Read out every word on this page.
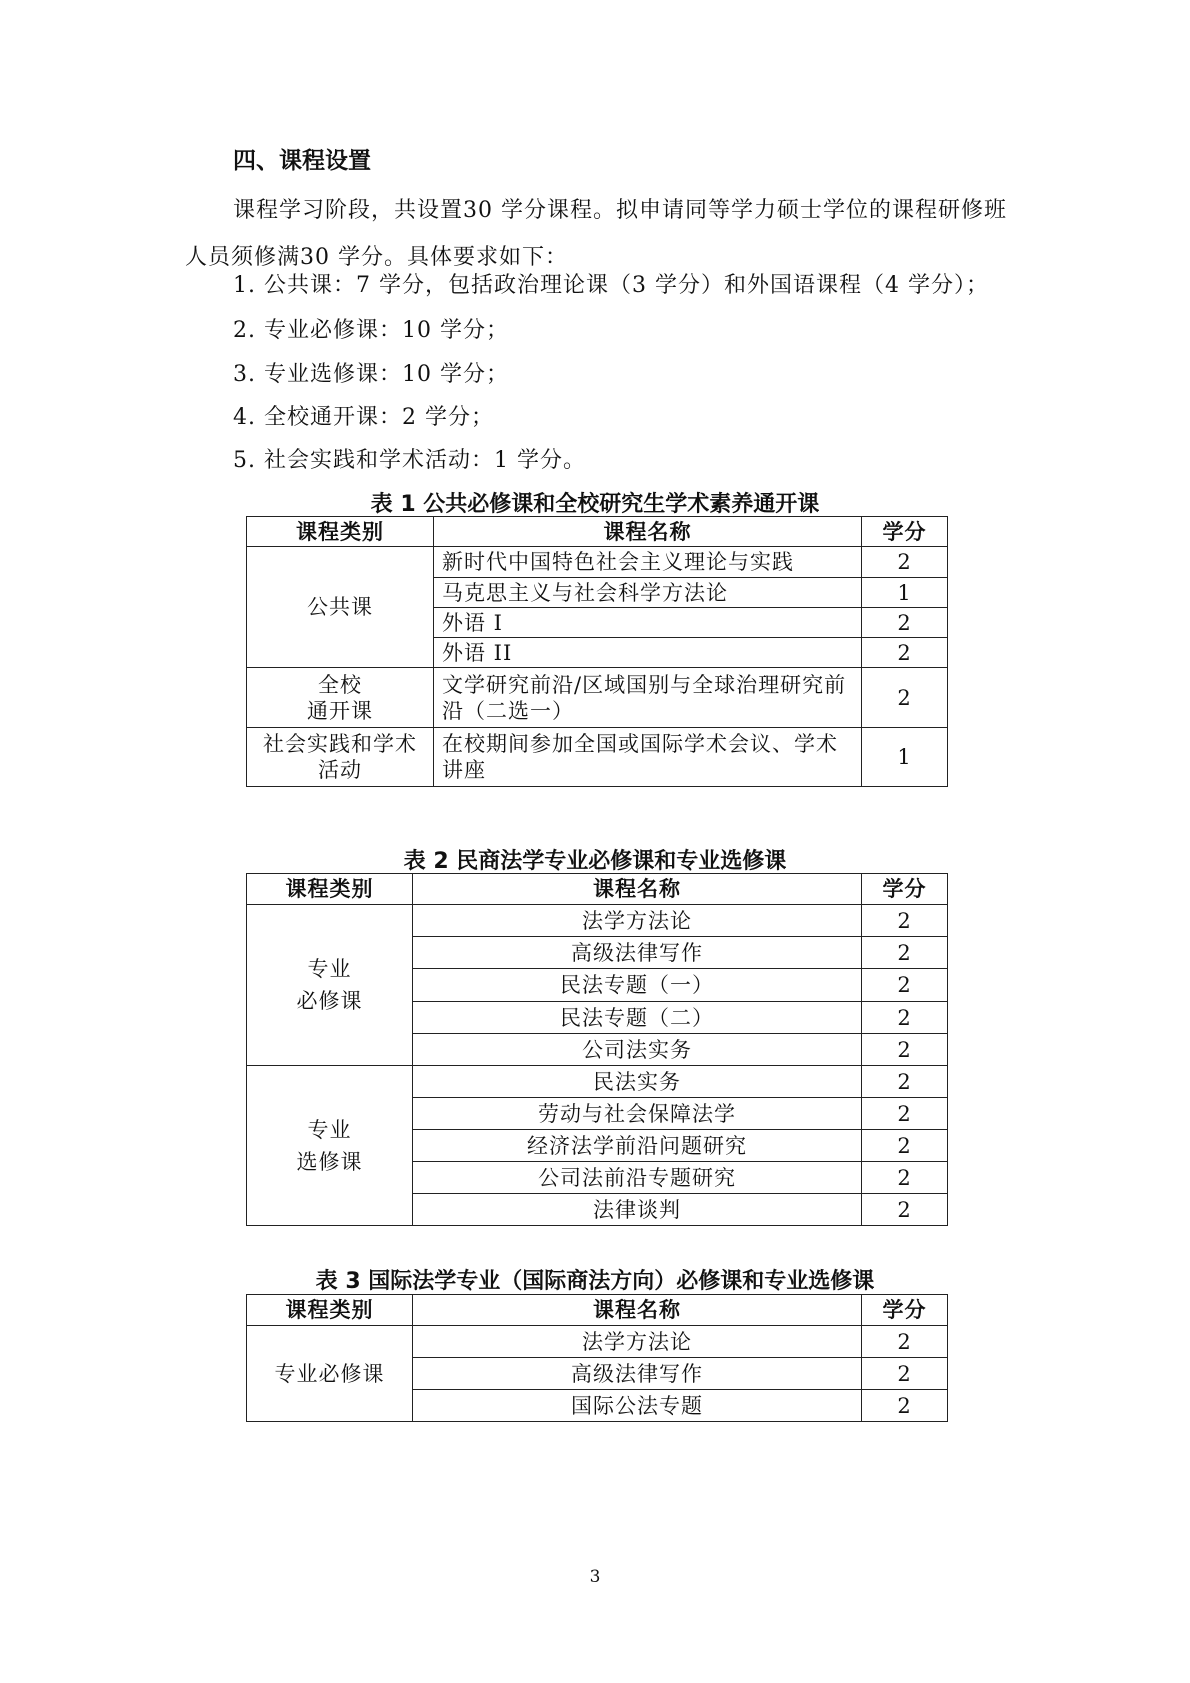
四、课程设置
课程学习阶段，共设置30 学分课程。拟申请同等学力硕士学位的课程研修班人员须修满30 学分。具体要求如下：
1. 公共课：7 学分，包括政治理论课（3 学分）和外国语课程（4 学分）；
2. 专业必修课：10 学分；
3. 专业选修课：10 学分；
4. 全校通开课：2 学分；
5. 社会实践和学术活动：1 学分。
表 1 公共必修课和全校研究生学术素养通开课
课程类别	课程名称	学分
公共课	新时代中国特色社会主义理论与实践	2
	马克思主义与社会科学方法论	1
	外语 I	2
	外语 II	2
全校
通开课	文学研究前沿/区域国别与全球治理研究前沿（二选一）	2
社会实践和学术活动	在校期间参加全国或国际学术会议、学术讲座	1
表 2 民商法学专业必修课和专业选修课
课程类别	课程名称	学分
专业
必修课	法学方法论	2
	高级法律写作	2
	民法专题（一）	2
	民法专题（二）	2
	公司法实务	2
专业
选修课	民法实务	2
	劳动与社会保障法学	2
	经济法学前沿问题研究	2
	公司法前沿专题研究	2
	法律谈判	2
表 3 国际法学专业（国际商法方向）必修课和专业选修课
课程类别	课程名称	学分
专业必修课	法学方法论	2
	高级法律写作	2
	国际公法专题	2
3
